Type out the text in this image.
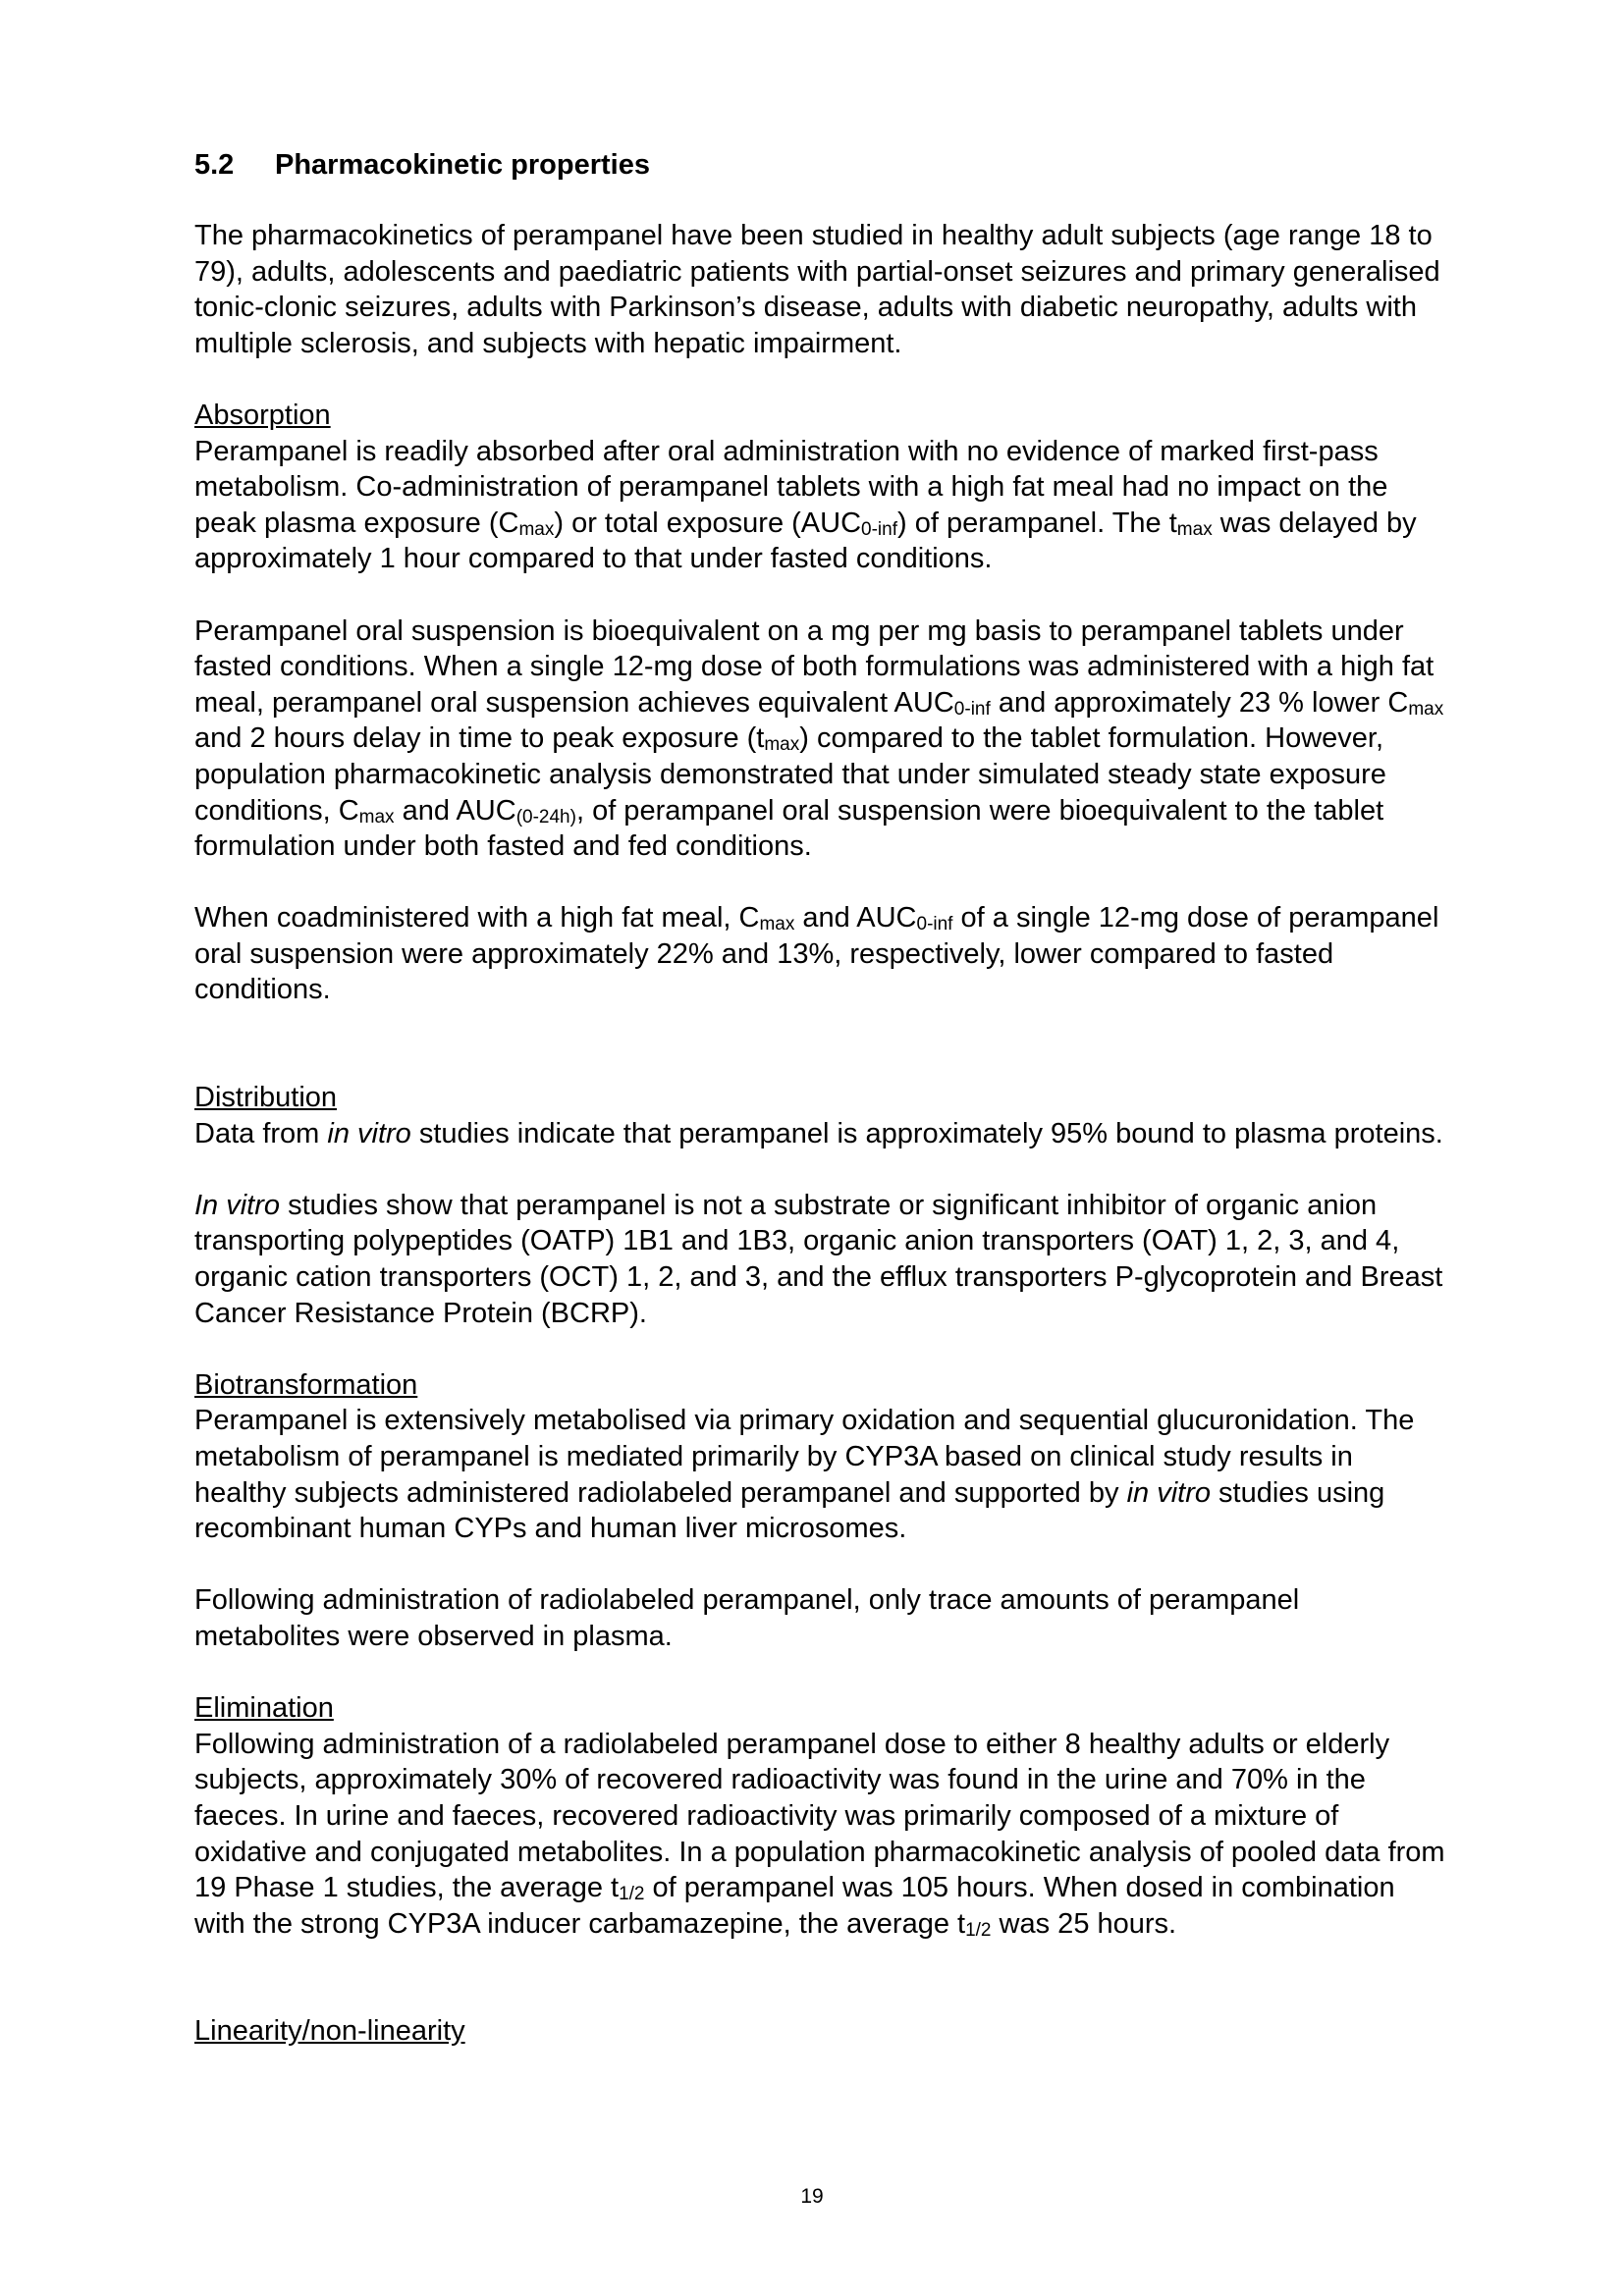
5.2 Pharmacokinetic properties

The pharmacokinetics of perampanel have been studied in healthy adult subjects (age range 18 to 79), adults, adolescents and paediatric patients with partial-onset seizures and primary generalised tonic-clonic seizures, adults with Parkinson’s disease, adults with diabetic neuropathy, adults with multiple sclerosis, and subjects with hepatic impairment.

Absorption
Perampanel is readily absorbed after oral administration with no evidence of marked first-pass metabolism. Co-administration of perampanel tablets with a high fat meal had no impact on the peak plasma exposure $(C_{max})$ or total exposure $(AUC_{0-inf})$ of perampanel. The $t_{max}$ was delayed by approximately 1 hour compared to that under fasted conditions.

Perampanel oral suspension is bioequivalent on a mg per mg basis to perampanel tablets under fasted conditions. When a single 12-mg dose of both formulations was administered with a high fat meal, perampanel oral suspension achieves equivalent $AUC_{0-inf}$ and approximately 23 % lower $C_{max}$ and 2 hours delay in time to peak exposure $(t_{max})$ compared to the tablet formulation. However, population pharmacokinetic analysis demonstrated that under simulated steady state exposure conditions, $C_{max}$ and $AUC_{(0-24h)}$, of perampanel oral suspension were bioequivalent to the tablet formulation under both fasted and fed conditions.

When coadministered with a high fat meal, $C_{max}$ and $AUC_{0-inf}$ of a single 12-mg dose of perampanel oral suspension were approximately 22% and 13%, respectively, lower compared to fasted conditions.

Distribution
Data from in vitro studies indicate that perampanel is approximately 95% bound to plasma proteins.

In vitro studies show that perampanel is not a substrate or significant inhibitor of organic anion transporting polypeptides (OATP) 1B1 and 1B3, organic anion transporters (OAT) 1, 2, 3, and 4, organic cation transporters (OCT) 1, 2, and 3, and the efflux transporters P-glycoprotein and Breast Cancer Resistance Protein (BCRP).

Biotransformation
Perampanel is extensively metabolised via primary oxidation and sequential glucuronidation. The metabolism of perampanel is mediated primarily by CYP3A based on clinical study results in healthy subjects administered radiolabeled perampanel and supported by in vitro studies using recombinant human CYPs and human liver microsomes.

Following administration of radiolabeled perampanel, only trace amounts of perampanel metabolites were observed in plasma.

Elimination
Following administration of a radiolabeled perampanel dose to either 8 healthy adults or elderly subjects, approximately 30% of recovered radioactivity was found in the urine and 70% in the faeces. In urine and faeces, recovered radioactivity was primarily composed of a mixture of oxidative and conjugated metabolites. In a population pharmacokinetic analysis of pooled data from 19 Phase 1 studies, the average $t_{1/2}$ of perampanel was 105 hours. When dosed in combination with the strong CYP3A inducer carbamazepine, the average $t_{1/2}$ was 25 hours.
Linearity/non-linearity
19
